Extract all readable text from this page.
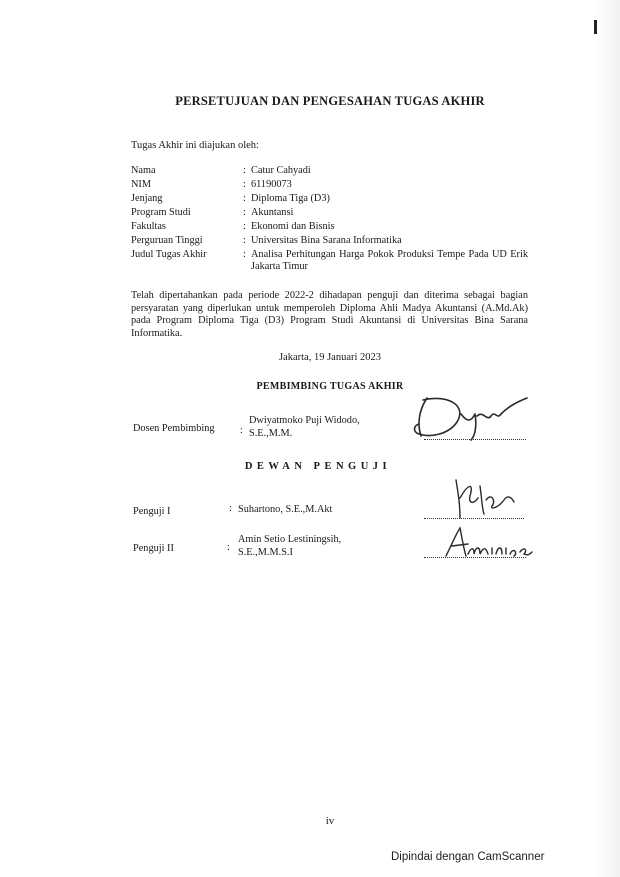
PERSETUJUAN DAN PENGESAHAN TUGAS AKHIR
Tugas Akhir ini diajukan oleh:
Nama	: Catur Cahyadi
NIM	: 61190073
Jenjang	: Diploma Tiga (D3)
Program Studi	: Akuntansi
Fakultas	: Ekonomi dan Bisnis
Perguruan Tinggi	: Universitas Bina Sarana Informatika
Judul Tugas Akhir	: Analisa Perhitungan Harga Pokok Produksi Tempe Pada UD Erik Jakarta Timur
Telah dipertahankan pada periode 2022-2 dihadapan penguji dan diterima sebagai bagian persyaratan yang diperlukan untuk memperoleh Diploma Ahli Madya Akuntansi (A.Md.Ak) pada Program Diploma Tiga (D3) Program Studi Akuntansi di Universitas Bina Sarana Informatika.
Jakarta, 19 Januari 2023
PEMBIMBING TUGAS AKHIR
Dosen Pembimbing :
Dwiyatmoko Puji Widodo,
S.E.,M.M.
DEWAN PENGUJI
Penguji I	: Suhartono, S.E.,M.Akt
Penguji II	:
Amin Setio Lestiningsih,
S.E.,M.M.S.I
iv
Dipindai dengan CamScanner
